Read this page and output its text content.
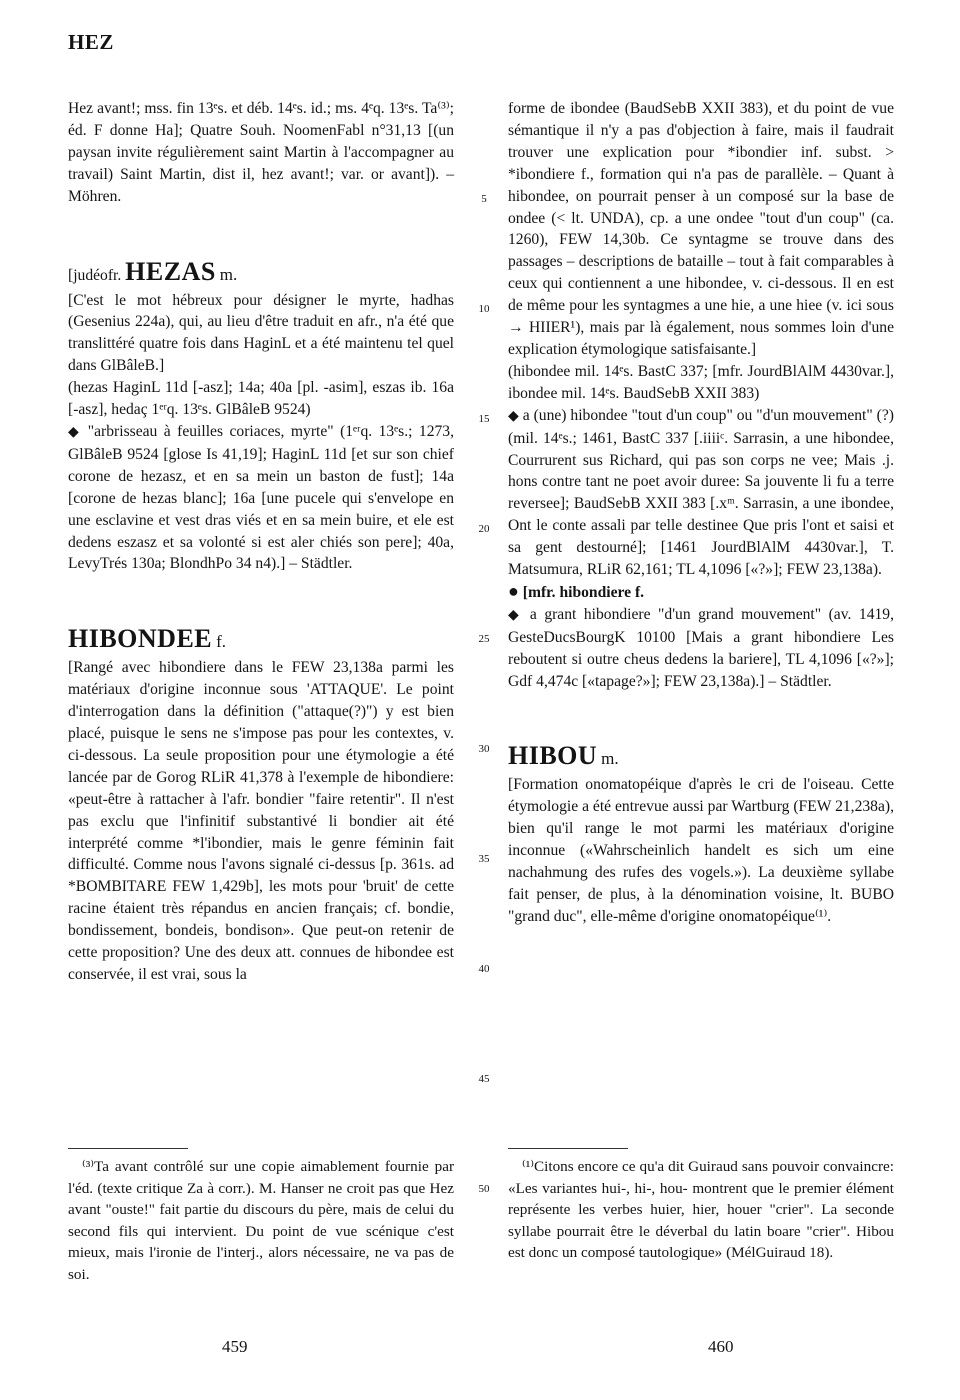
HEZ

Hez avant!; mss. fin 13ᵉs. et déb. 14ᵉs. id.; ms. 4ᵉq. 13ᵉs. Ta⁽³⁾; éd. F donne Ha]; Quatre Souh. NoomenFabl n°31,13 [(un paysan invite régulièrement saint Martin à l'accompagner au travail) Saint Martin, dist il, hez avant!; var. or avant]). – Möhren.

[judéofr. HEZAS m.

[C'est le mot hébreux pour désigner le myrte, hadhas (Gesenius 224a), qui, au lieu d'être traduit en afr., n'a été que translittéré quatre fois dans HaginL et a été maintenu tel quel dans GlBâleB.]

(hezas HaginL 11d [-asz]; 14a; 40a [pl. -asim], eszas ib. 16a [-asz], hedaç 1ᵉʳq. 13ᵉs. GlBâleB 9524)

◆ "arbrisseau à feuilles coriaces, myrte" (1ᵉʳq. 13ᵉs.; 1273, GlBâleB 9524 [glose Is 41,19]; HaginL 11d [et sur son chief corone de hezasz, et en sa mein un baston de fust]; 14a [corone de hezas blanc]; 16a [une pucele qui s'envelope en une esclavine et vest dras viés et en sa mein buire, et ele est dedens eszasz et sa volonté si est aler chiés son pere]; 40a, LevyTrés 130a; BlondhPo 34 n4).] – Städtler.

HIBONDEE f.

[Rangé avec hibondiere dans le FEW 23,138a parmi les matériaux d'origine inconnue sous 'ATTAQUE'. Le point d'interrogation dans la définition ("attaque(?)") y est bien placé, puisque le sens ne s'impose pas pour les contextes, v. ci-dessous. La seule proposition pour une étymologie a été lancée par de Gorog RLiR 41,378 à l'exemple de hibondiere: «peut-être à rattacher à l'afr. bondier "faire retentir". Il n'est pas exclu que l'infinitif substantivé li bondier ait été interprété comme *l'ibondier, mais le genre féminin fait difficulté. Comme nous l'avons signalé ci-dessus [p. 361s. ad *BOMBITARE FEW 1,429b], les mots pour 'bruit' de cette racine étaient très répandus en ancien français; cf. bondie, bondissement, bondeis, bondison». Que peut-on retenir de cette proposition? Une des deux att. connues de hibondee est conservée, il est vrai, sous la

5
10
15
20
25
30
35
40
45
50

forme de ibondee (BaudSebB XXII 383), et du point de vue sémantique il n'y a pas d'objection à faire, mais il faudrait trouver une explication pour *ibondier inf. subst. > *ibondiere f., formation qui n'a pas de parallèle. – Quant à hibondee, on pourrait penser à un composé sur la base de ondee (< lt. UNDA), cp. a une ondee "tout d'un coup" (ca. 1260), FEW 14,30b. Ce syntagme se trouve dans des passages – descriptions de bataille – tout à fait comparables à ceux qui contiennent a une hibondee, v. ci-dessous. Il en est de même pour les syntagmes a une hie, a une hiee (v. ici sous → HIIER¹), mais par là également, nous sommes loin d'une explication étymologique satisfaisante.]

(hibondee mil. 14ᵉs. BastC 337; [mfr. JourdBlAlM 4430var.], ibondee mil. 14ᵉs. BaudSebB XXII 383)

◆ a (une) hibondee "tout d'un coup" ou "d'un mouvement" (?) (mil. 14ᵉs.; 1461, BastC 337 [.iiiiᶜ. Sarrasin, a une hibondee, Courrurent sus Richard, qui pas son corps ne vee; Mais .j. hons contre tant ne poet avoir duree: Sa jouvente li fu a terre reversee]; BaudSebB XXII 383 [.xᵐ. Sarrasin, a une ibondee, Ont le conte assali par telle destinee Que pris l'ont et saisi et sa gent destourné]; [1461 JourdBlAlM 4430var.], T. Matsumura, RLiR 62,161; TL 4,1096 [«?»]; FEW 23,138a).

● [mfr. hibondiere f.

◆ a grant hibondiere "d'un grand mouvement" (av. 1419, GesteDucsBourgK 10100 [Mais a grant hibondiere Les reboutent si outre cheus dedens la bariere], TL 4,1096 [«?»]; Gdf 4,474c [«tapage?»]; FEW 23,138a).] – Städtler.

HIBOU m.

[Formation onomatopéique d'après le cri de l'oiseau. Cette étymologie a été entrevue aussi par Wartburg (FEW 21,238a), bien qu'il range le mot parmi les matériaux d'origine inconnue («Wahrscheinlich handelt es sich um eine nachahmung des rufes des vogels.»). La deuxième syllabe fait penser, de plus, à la dénomination voisine, lt. BUBO "grand duc", elle-même d'origine onomatopéique⁽¹⁾.

⁽³⁾Ta avant contrôlé sur une copie aimablement fournie par l'éd. (texte critique Za à corr.). M. Hanser ne croit pas que Hez avant "ouste!" fait partie du discours du père, mais de celui du second fils qui intervient. Du point de vue scénique c'est mieux, mais l'ironie de l'interj., alors nécessaire, ne va pas de soi.

⁽¹⁾Citons encore ce qu'a dit Guiraud sans pouvoir convaincre: «Les variantes hui-, hi-, hou- montrent que le premier élément représente les verbes huier, hier, houer "crier". La seconde syllabe pourrait être le déverbal du latin boare "crier". Hibou est donc un composé tautologique» (MélGuiraud 18).

459	460
